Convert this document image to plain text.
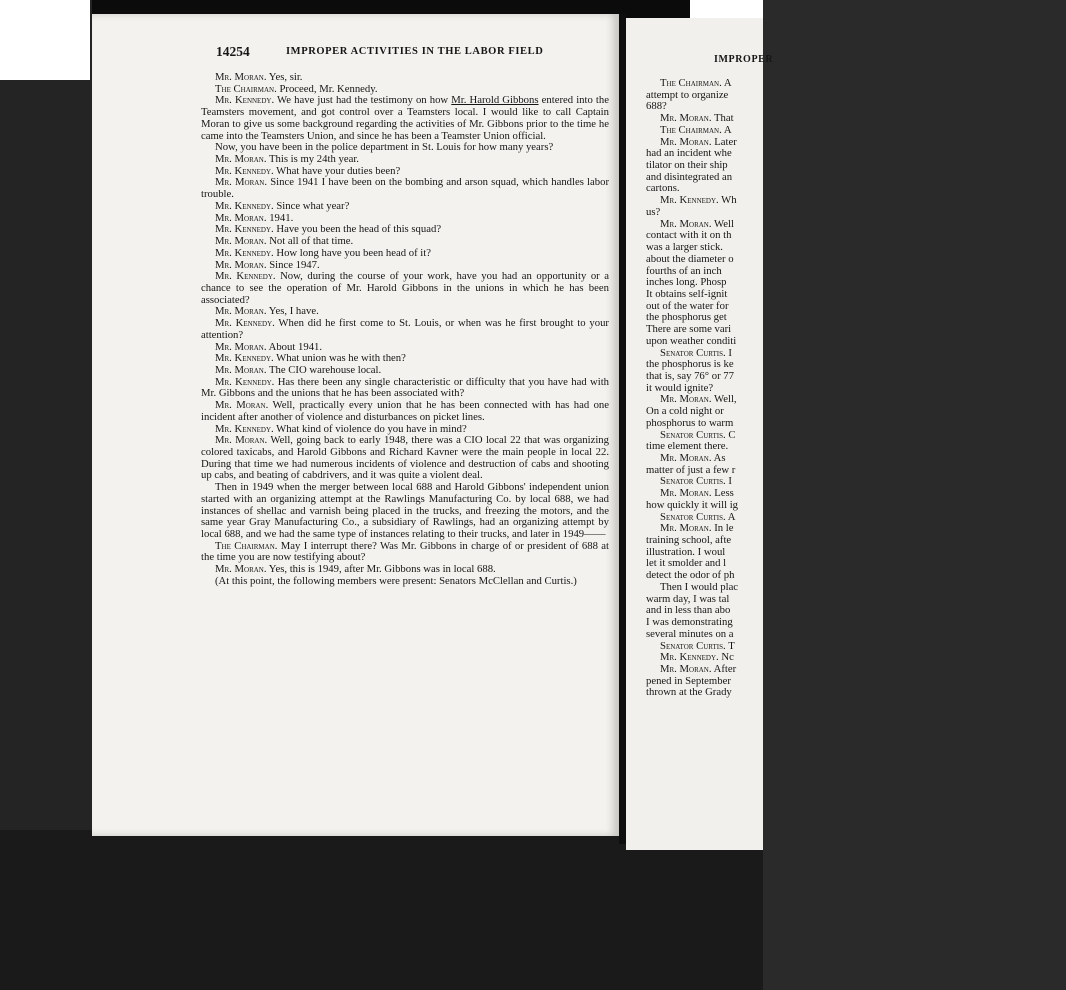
14254	IMPROPER ACTIVITIES IN THE LABOR FIELD

Mr. Moran. Yes, sir.

The Chairman. Proceed, Mr. Kennedy.

Mr. Kennedy. We have just had the testimony on how Mr. Harold Gibbons entered into the Teamsters movement, and got control over a Teamsters local. I would like to call Captain Moran to give us some background regarding the activities of Mr. Gibbons prior to the time he came into the Teamsters Union, and since he has been a Teamster Union official.

Now, you have been in the police department in St. Louis for how many years?

Mr. Moran. This is my 24th year.

Mr. Kennedy. What have your duties been?

Mr. Moran. Since 1941 I have been on the bombing and arson squad, which handles labor trouble.

Mr. Kennedy. Since what year?

Mr. Moran. 1941.

Mr. Kennedy. Have you been the head of this squad?

Mr. Moran. Not all of that time.

Mr. Kennedy. How long have you been head of it?

Mr. Moran. Since 1947.

Mr. Kennedy. Now, during the course of your work, have you had an opportunity or a chance to see the operation of Mr. Harold Gibbons in the unions in which he has been associated?

Mr. Moran. Yes, I have.

Mr. Kennedy. When did he first come to St. Louis, or when was he first brought to your attention?

Mr. Moran. About 1941.

Mr. Kennedy. What union was he with then?

Mr. Moran. The CIO warehouse local.

Mr. Kennedy. Has there been any single characteristic or difficulty that you have had with Mr. Gibbons and the unions that he has been associated with?

Mr. Moran. Well, practically every union that he has been connected with has had one incident after another of violence and disturbances on picket lines.

Mr. Kennedy. What kind of violence do you have in mind?

Mr. Moran. Well, going back to early 1948, there was a CIO local 22 that was organizing colored taxicabs, and Harold Gibbons and Richard Kavner were the main people in local 22. During that time we had numerous incidents of violence and destruction of cabs and shooting up cabs, and beating of cabdrivers, and it was quite a violent deal.

Then in 1949 when the merger between local 688 and Harold Gibbons' independent union started with an organizing attempt at the Rawlings Manufacturing Co. by local 688, we had instances of shellac and varnish being placed in the trucks, and freezing the motors, and the same year Gray Manufacturing Co., a subsidiary of Rawlings, had an organizing attempt by local 688, and we had the same type of instances relating to their trucks, and later in 1949——

The Chairman. May I interrupt there? Was Mr. Gibbons in charge of or president of 688 at the time you are now testifying about?

Mr. Moran. Yes, this is 1949, after Mr. Gibbons was in local 688.

(At this point, the following members were present: Senators McClellan and Curtis.)

IMPROPER
The Chairman. A
attempt to organize
688?
Mr. Moran. That
The Chairman. A
Mr. Moran. Later
had an incident whe
tilator on their ship
and disintegrated an
cartons.
Mr. Kennedy. Wh
us?
Mr. Moran. Well
contact with it on th
was a larger stick.
about the diameter o
fourths of an inch
inches long. Phosp
It obtains self-ignit
out of the water for
the phosphorus get
There are some vari
upon weather conditi
Senator Curtis. I
the phosphorus is ke
that is, say 76° or 77
it would ignite?
Mr. Moran. Well,
On a cold night or
phosphorus to warm
Senator Curtis. C
time element there.
Mr. Moran. As
matter of just a few r
Senator Curtis. I
Mr. Moran. Less
how quickly it will ig
Senator Curtis. A
Mr. Moran. In le
training school, afte
illustration. I woul
let it smolder and l
detect the odor of ph
Then I would plac
warm day, I was tal
and in less than abo
I was demonstrating
several minutes on a
Senator Curtis. T
Mr. Kennedy. Nc
Mr. Moran. After
pened in September
thrown at the Grady
